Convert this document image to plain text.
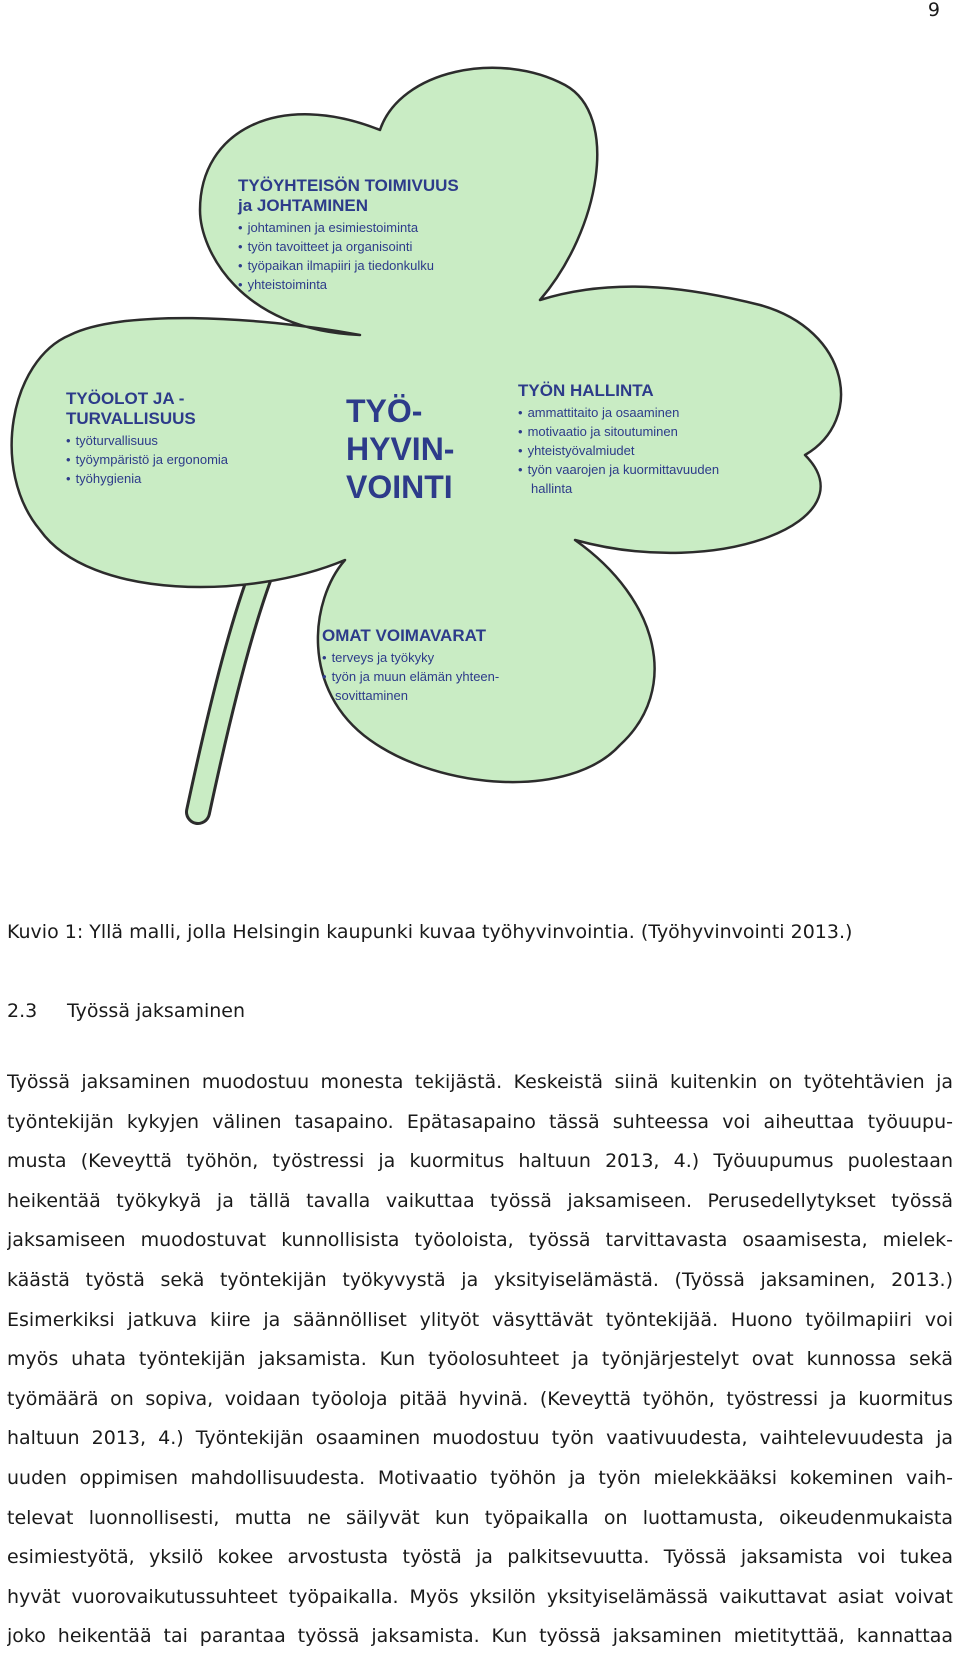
9

TYÖYHTEISÖN TOIMIVUUS
ja JOHTAMINEN

• johtaminen ja esimiestoiminta
• työn tavoitteet ja organisointi
• työpaikan ilmapiiri ja tiedonkulku
• yhteistoiminta

TYÖOLOT JA -
TURVALLISUUS

• työturvallisuus
• työympäristö ja ergonomia
• työhygienia

TYÖ-
HYVIN-
VOINTI

TYÖN HALLINTA

• ammattitaito ja osaaminen
• motivaatio ja sitoutuminen
• yhteistyövalmiudet
• työn vaarojen ja kuormittavuuden
hallinta

OMAT VOIMAVARAT

• terveys ja työkyky
• työn ja muun elämän yhteen-
sovittaminen

Kuvio 1: Yllä malli, jolla Helsingin kaupunki kuvaa työhyvinvointia. (Työhyvinvointi 2013.)

2.3 Työssä jaksaminen

Työssä jaksaminen muodostuu monesta tekijästä. Keskeistä siinä kuitenkin on työtehtävien ja

työntekijän kykyjen välinen tasapaino. Epätasapaino tässä suhteessa voi aiheuttaa työuupu-

musta (Keveyttä työhön, työstressi ja kuormitus haltuun 2013, 4.) Työuupumus puolestaan

heikentää työkykyä ja tällä tavalla vaikuttaa työssä jaksamiseen. Perusedellytykset työssä

jaksamiseen muodostuvat kunnollisista työoloista, työssä tarvittavasta osaamisesta, mielek-

käästä työstä sekä työntekijän työkyvystä ja yksityiselämästä. (Työssä jaksaminen, 2013.)

Esimerkiksi jatkuva kiire ja säännölliset ylityöt väsyttävät työntekijää. Huono työilmapiiri voi

myös uhata työntekijän jaksamista. Kun työolosuhteet ja työnjärjestelyt ovat kunnossa sekä

työmäärä on sopiva, voidaan työoloja pitää hyvinä. (Keveyttä työhön, työstressi ja kuormitus

haltuun 2013, 4.) Työntekijän osaaminen muodostuu työn vaativuudesta, vaihtelevuudesta ja

uuden oppimisen mahdollisuudesta. Motivaatio työhön ja työn mielekkääksi kokeminen vaih-

televat luonnollisesti, mutta ne säilyvät kun työpaikalla on luottamusta, oikeudenmukaista

esimiestyötä, yksilö kokee arvostusta työstä ja palkitsevuutta. Työssä jaksamista voi tukea

hyvät vuorovaikutussuhteet työpaikalla. Myös yksilön yksityiselämässä vaikuttavat asiat voivat

joko heikentää tai parantaa työssä jaksamista. Kun työssä jaksaminen mietityttää, kannattaa
